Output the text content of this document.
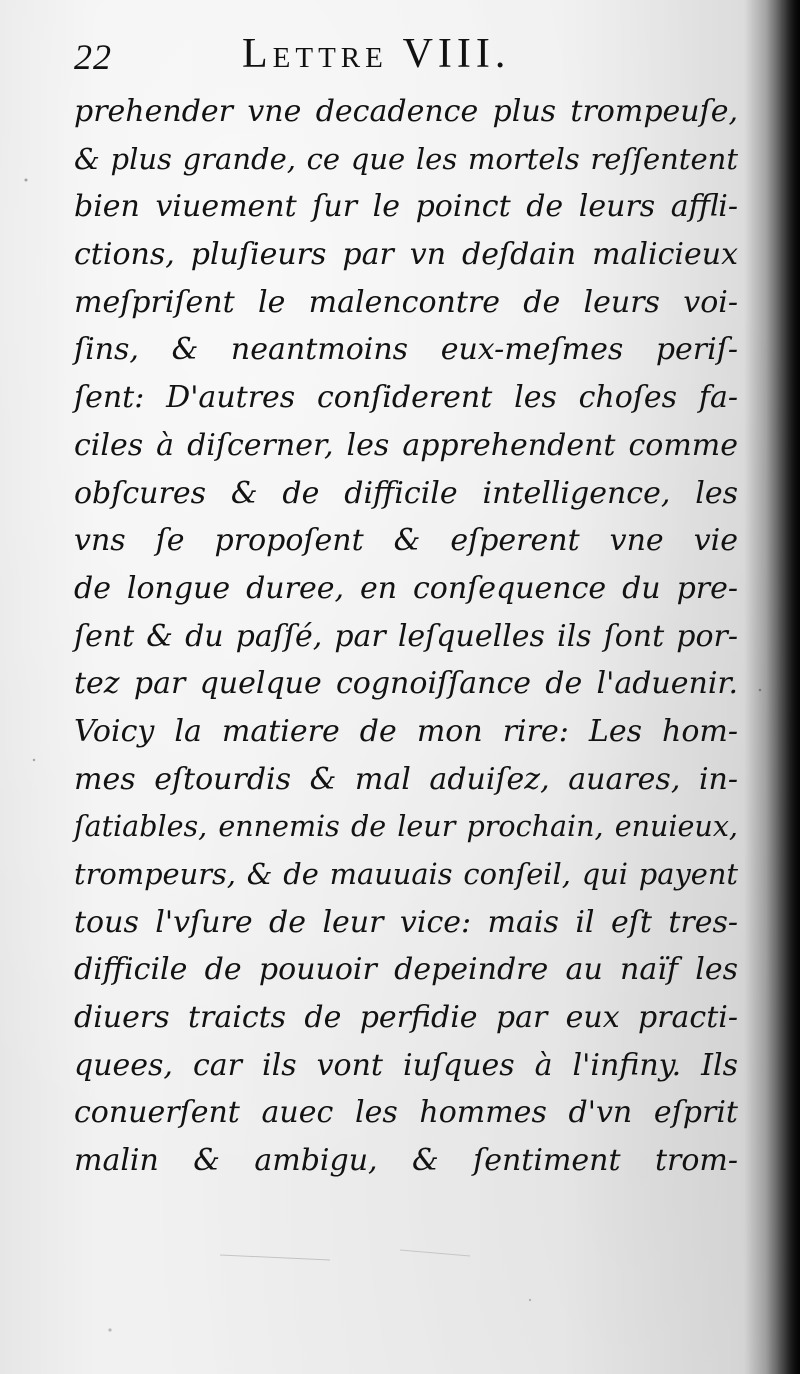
22	Lettre VIII.
prehender vne decadence plus trompeuſe,
& plus grande, ce que les mortels reſſentent
bien viuement ſur le poinct de leurs affli-
ctions, pluſieurs par vn deſdain malicieux
meſpriſent le malencontre de leurs voi-
ſins, & neantmoins eux-meſmes periſ-
ſent: D'autres conſiderent les choſes fa-
ciles à diſcerner, les apprehendent comme
obſcures & de difficile intelligence, les
vns ſe propoſent & eſperent vne vie
de longue duree, en conſequence du pre-
ſent & du paſſé, par leſquelles ils ſont por-
tez par quelque cognoiſſance de l'aduenir.
Voicy la matiere de mon rire: Les hom-
mes eſtourdis & mal aduiſez, auares, in-
ſatiables, ennemis de leur prochain, enuieux,
trompeurs, & de mauuais conſeil, qui payent
tous l'vſure de leur vice: mais il eſt tres-
difficile de pouuoir depeindre au naïf les
diuers traicts de perfidie par eux practi-
quees, car ils vont iuſques à l'infiny. Ils
conuerſent auec les hommes d'vn eſprit
malin & ambigu, & ſentiment trom-
